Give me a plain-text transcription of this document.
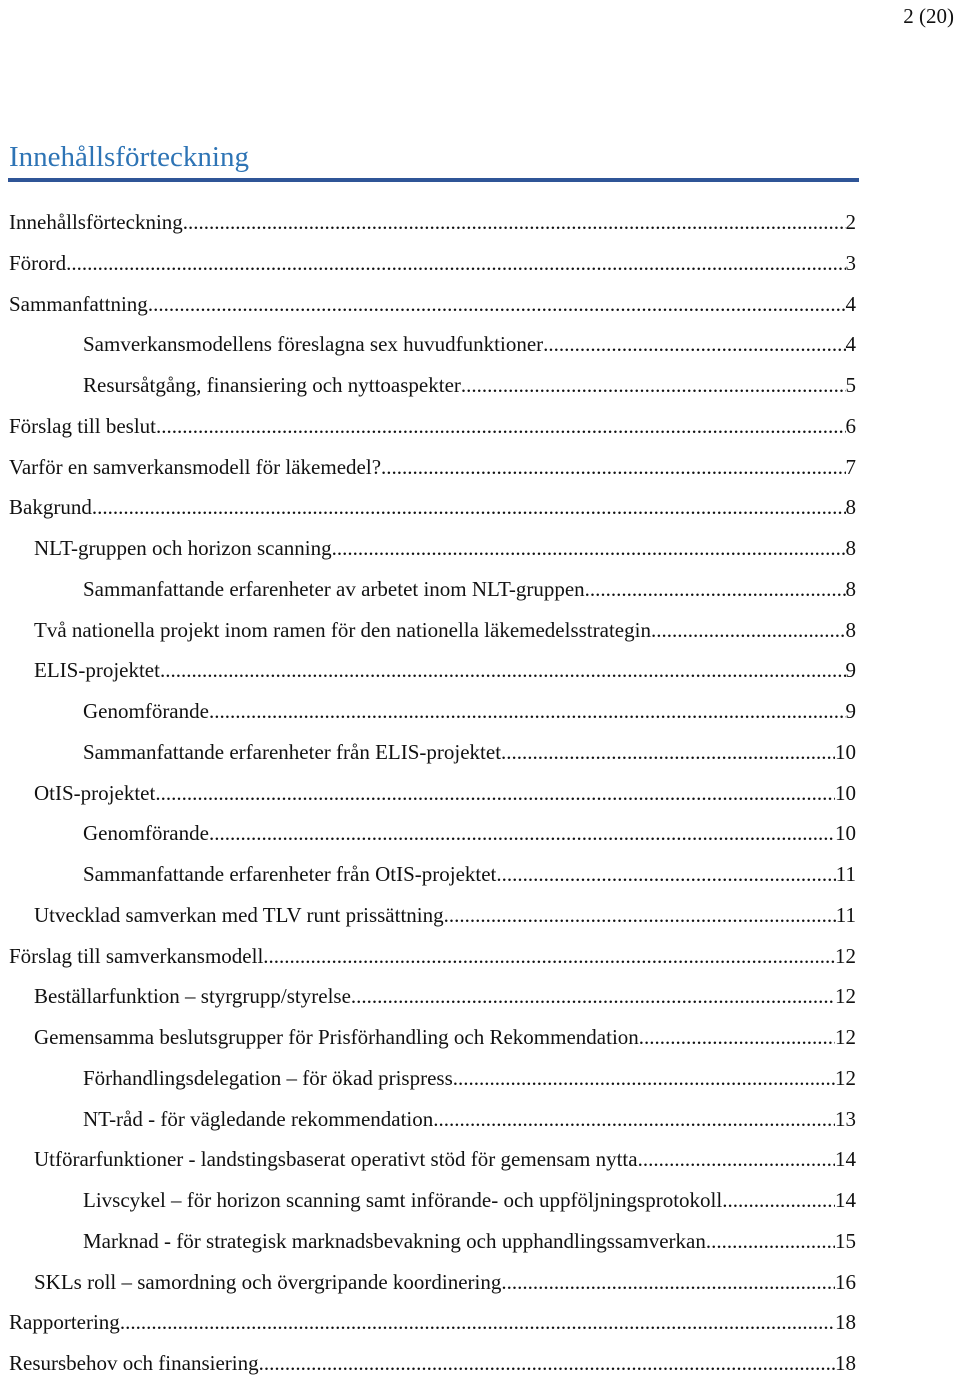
2 (20)
Innehållsförteckning
Innehållsförteckning .....	2
Förord .....	3
Sammanfattning .....	4
Samverkansmodellens föreslagna sex huvudfunktioner .....	4
Resursåtgång, finansiering och nyttoaspekter .....	5
Förslag till beslut .....	6
Varför en samverkansmodell för läkemedel? .....	7
Bakgrund .....	8
NLT-gruppen och horizon scanning .....	8
Sammanfattande erfarenheter av arbetet inom NLT-gruppen .....	8
Två nationella projekt inom ramen för den nationella läkemedelsstrategin .....	8
ELIS-projektet .....	9
Genomförande .....	9
Sammanfattande erfarenheter från ELIS-projektet .....	10
OtIS-projektet .....	10
Genomförande .....	10
Sammanfattande erfarenheter från OtIS-projektet .....	11
Utvecklad samverkan med TLV runt prissättning .....	11
Förslag till samverkansmodell .....	12
Beställarfunktion – styrgrupp/styrelse .....	12
Gemensamma beslutsgrupper för Prisförhandling och Rekommendation .....	12
Förhandlingsdelegation – för ökad prispress .....	12
NT-råd - för vägledande rekommendation .....	13
Utförarfunktioner - landstingsbaserat operativt stöd för gemensam nytta .....	14
Livscykel – för horizon scanning samt införande- och uppföljningsprotokoll .....	14
Marknad - för strategisk marknadsbevakning och upphandlingssamverkan .....	15
SKLs roll – samordning och övergripande koordinering .....	16
Rapportering .....	18
Resursbehov och finansiering .....	18
